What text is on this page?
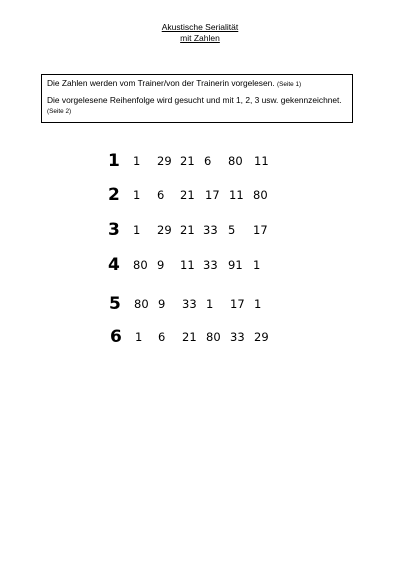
Akustische Serialität
mit Zahlen
Die Zahlen werden vom Trainer/von der Trainerin vorgelesen. (Seite 1)
Die vorgelesene Reihenfolge wird gesucht und mit 1, 2, 3 usw. gekennzeichnet. (Seite 2)
1 1 29 21 6 80 11
2 1 6 21 17 11 80
3 1 29 21 33 5 17
4 80 9 11 33 91 1
5 80 9 33 1 17 1
6 1 6 21 80 33 29
